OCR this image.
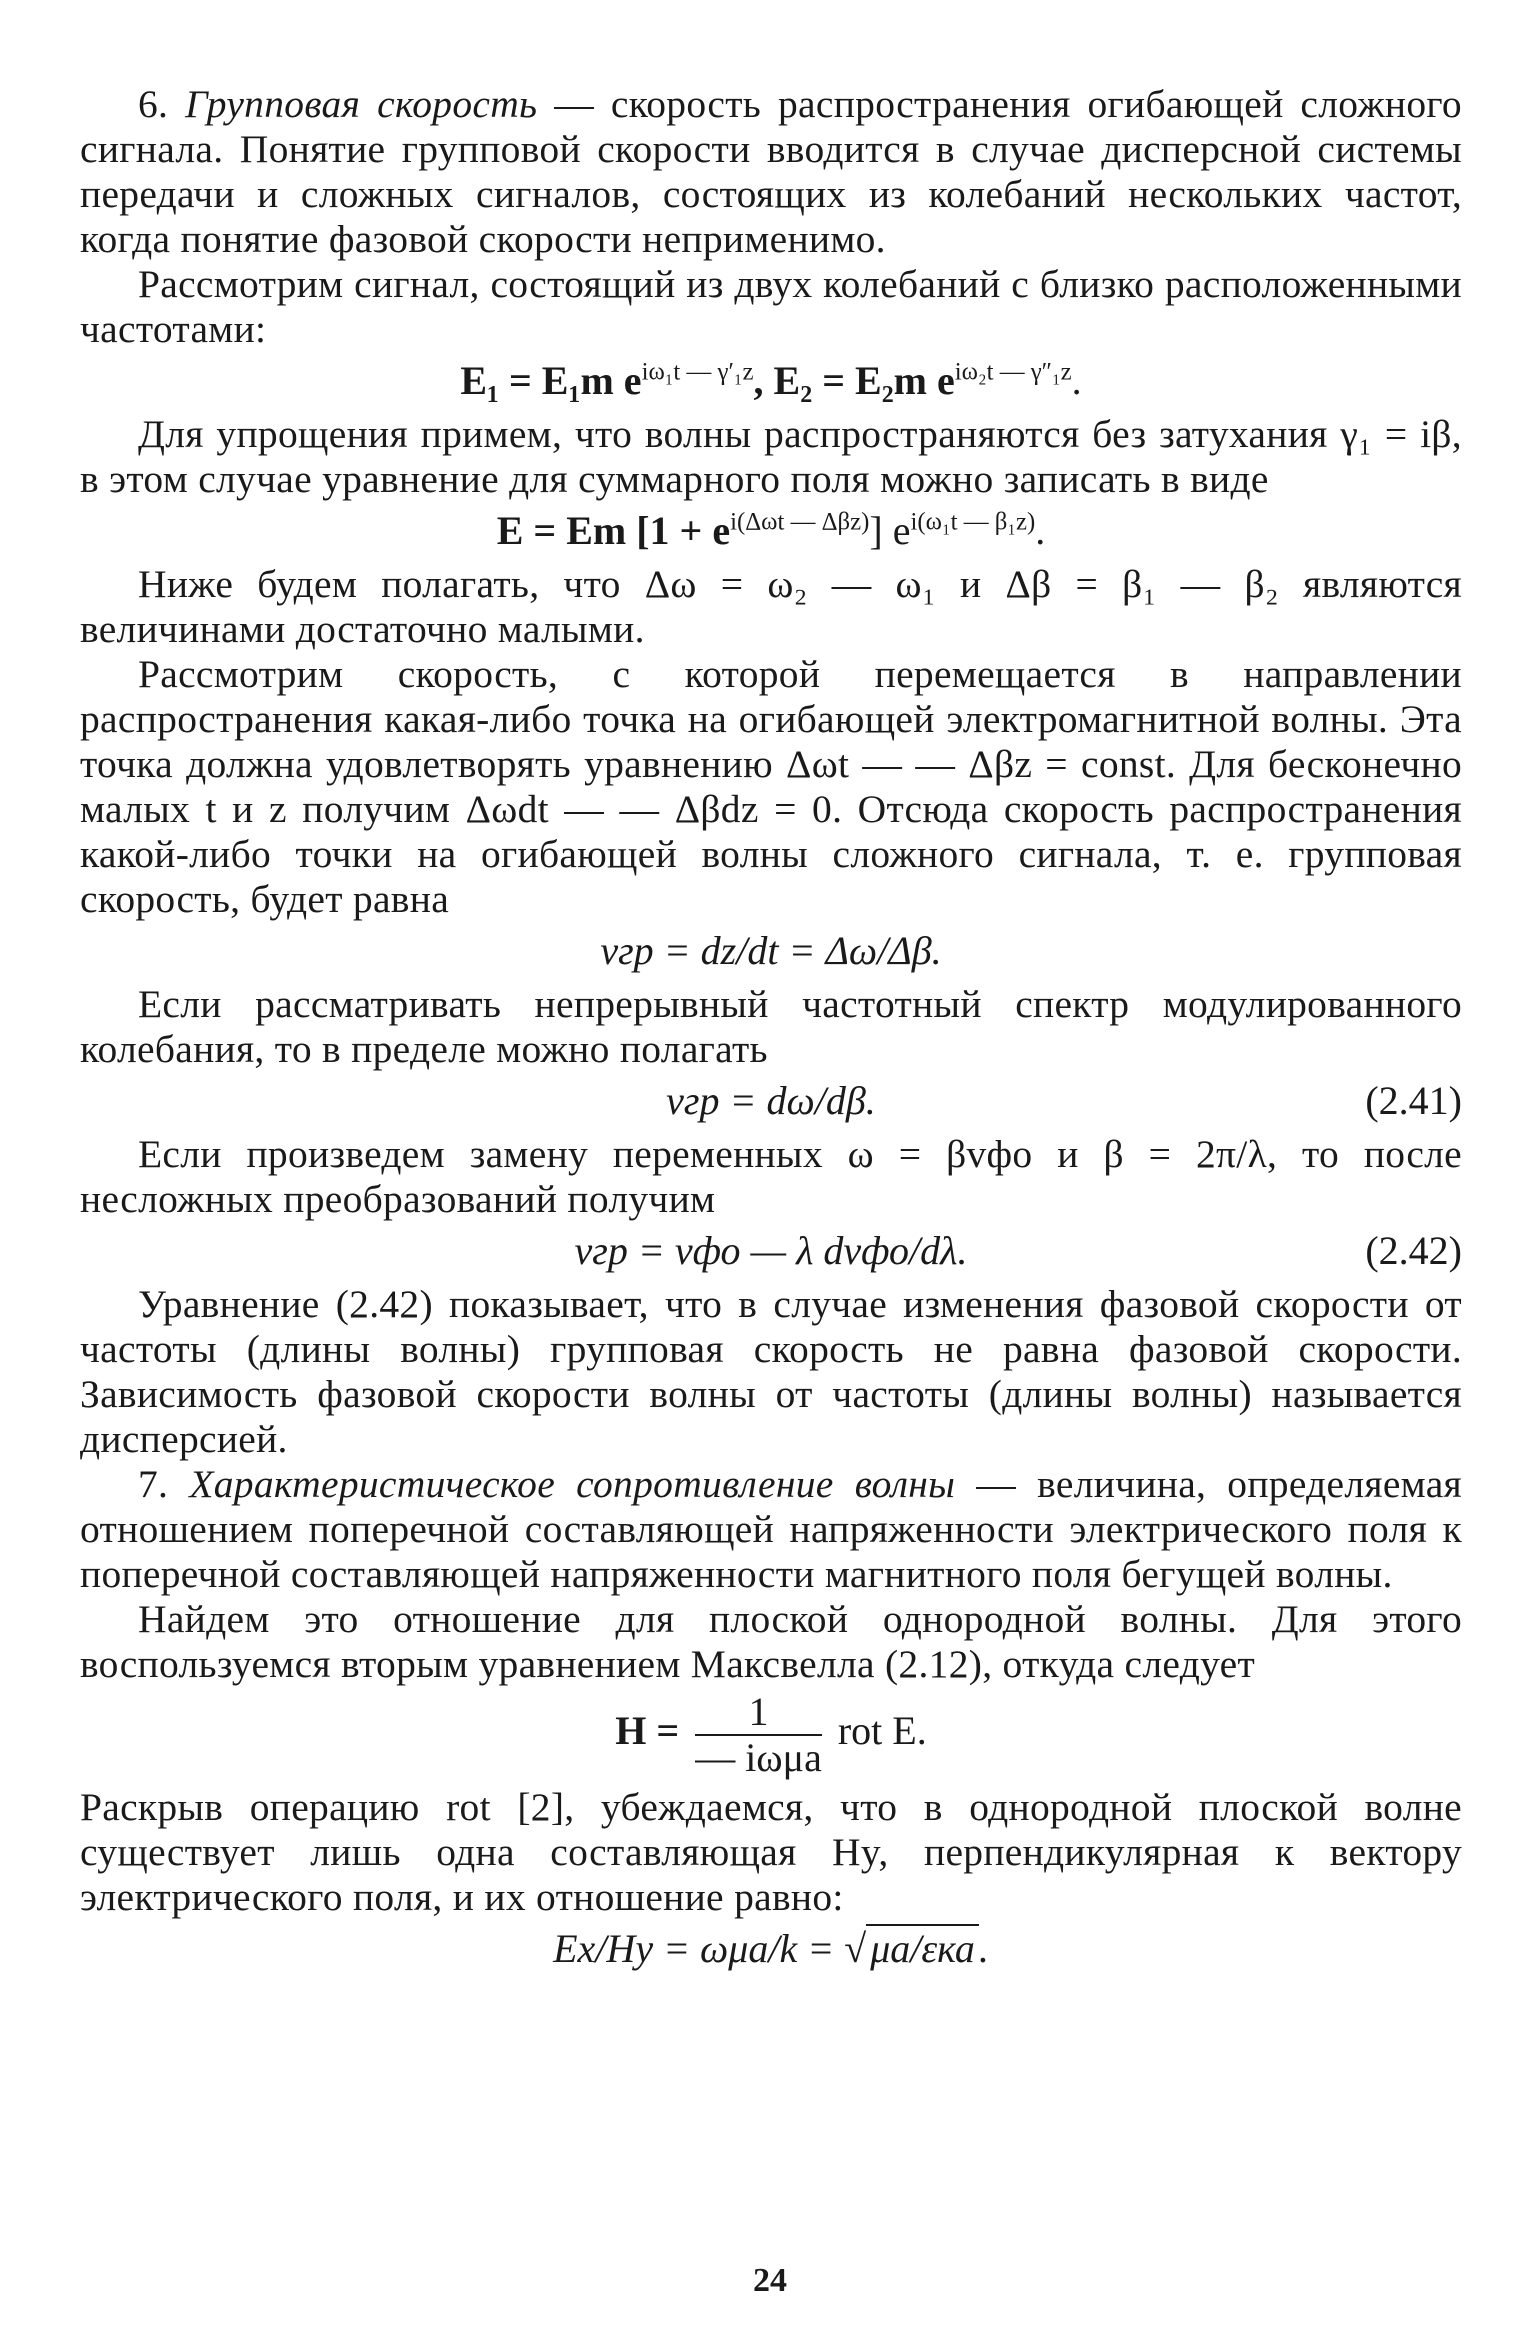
6. Групповая скорость — скорость распространения огибающей сложного сигнала. Понятие групповой скорости вводится в случае дисперсной системы передачи и сложных сигналов, состоящих из колебаний нескольких частот, когда понятие фазовой скорости неприменимо.

Рассмотрим сигнал, состоящий из двух колебаний с близко расположенными частотами:

E₁ = E₁m $e^{i\omega_1t — \gamma'_1z}$, E₂ = E₂m $e^{i\omega_2t — \gamma''_1z}$.

Для упрощения примем, что волны распространяются без затухания γ₁ = iβ, в этом случае уравнение для суммарного поля можно записать в виде

E = Em $[1 + e^{i(\Delta\omega t — \Delta\beta z)}]$ $e^{i(\omega_1t — \beta_1z)}$.

Ниже будем полагать, что Δω = ω₂ — ω₁ и Δβ = β₁ — β₂ являются величинами достаточно малыми.

Рассмотрим скорость, с которой перемещается в направлении распространения какая-либо точка на огибающей электромагнитной волны. Эта точка должна удовлетворять уравнению Δωt — — Δβz = const. Для бесконечно малых t и z получим Δωdt — — Δβdz = 0. Отсюда скорость распространения какой-либо точки на огибающей волны сложного сигнала, т. е. групповая скорость, будет равна

vгр = dz/dt = Δω/Δβ.

Если рассматривать непрерывный частотный спектр модулированного колебания, то в пределе можно полагать

vгр = dω/dβ.	(2.41)

Если произведем замену переменных ω = βvфо и β = 2π/λ, то после несложных преобразований получим

vгр = vфо — λ dvфо/dλ.	(2.42)

Уравнение (2.42) показывает, что в случае изменения фазовой скорости от частоты (длины волны) групповая скорость не равна фазовой скорости. Зависимость фазовой скорости волны от частоты (длины волны) называется дисперсией.

7. Характеристическое сопротивление волны — величина, определяемая отношением поперечной составляющей напряженности электрического поля к поперечной составляющей напряженности магнитного поля бегущей волны.

Найдем это отношение для плоской однородной волны. Для этого воспользуемся вторым уравнением Максвелла (2.12), откуда следует

$H = \frac{1}{\text{— iωμa}}$ rot E.

Раскрыв операцию rot [2], убеждаемся, что в однородной плоской волне существует лишь одна составляющая Hy, перпендикулярная к вектору электрического поля, и их отношение равно:

Ex/Hy = ωμa/k = √ μa/εка .
24
